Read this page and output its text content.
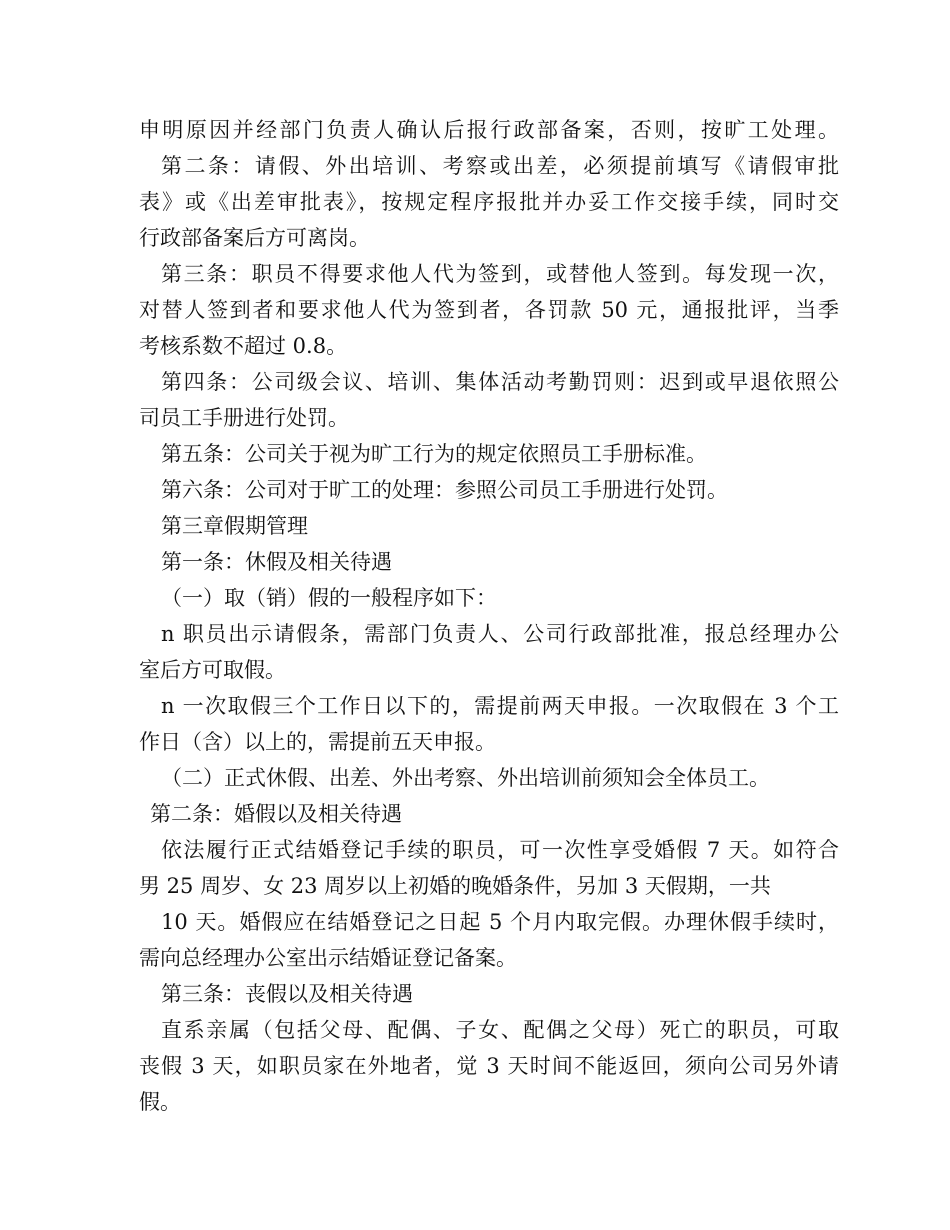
申明原因并经部门负责人确认后报行政部备案，否则，按旷工处理。
第二条：请假、外出培训、考察或出差，必须提前填写《请假审批
表》或《出差审批表》，按规定程序报批并办妥工作交接手续，同时交
行政部备案后方可离岗。
第三条：职员不得要求他人代为签到，或替他人签到。每发现一次，
对替人签到者和要求他人代为签到者，各罚款 50 元，通报批评，当季
考核系数不超过 0.8。
第四条：公司级会议、培训、集体活动考勤罚则：迟到或早退依照公
司员工手册进行处罚。
第五条：公司关于视为旷工行为的规定依照员工手册标准。
第六条：公司对于旷工的处理：参照公司员工手册进行处罚。
第三章假期管理
第一条：休假及相关待遇
（一）取（销）假的一般程序如下：
n 职员出示请假条，需部门负责人、公司行政部批准，报总经理办公
室后方可取假。
n 一次取假三个工作日以下的，需提前两天申报。一次取假在 3 个工
作日（含）以上的，需提前五天申报。
（二）正式休假、出差、外出考察、外出培训前须知会全体员工。
第二条：婚假以及相关待遇
依法履行正式结婚登记手续的职员，可一次性享受婚假 7 天。如符合
男 25 周岁、女 23 周岁以上初婚的晚婚条件，另加 3 天假期，一共
10 天。婚假应在结婚登记之日起 5 个月内取完假。办理休假手续时，
需向总经理办公室出示结婚证登记备案。
第三条：丧假以及相关待遇
直系亲属（包括父母、配偶、子女、配偶之父母）死亡的职员，可取
丧假 3 天，如职员家在外地者，觉 3 天时间不能返回，须向公司另外请
假。
